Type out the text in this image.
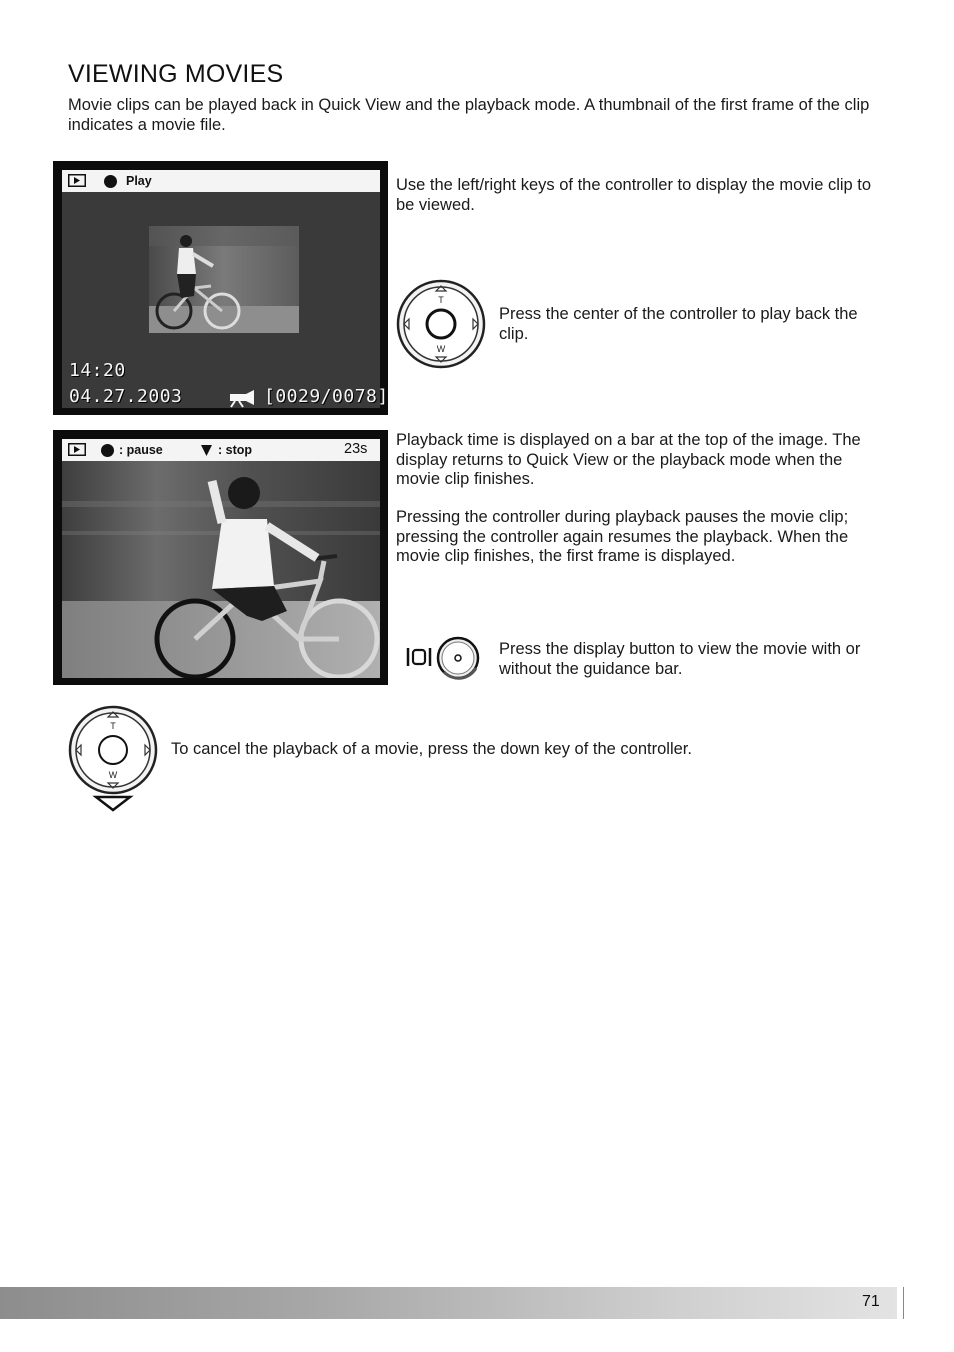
VIEWING MOVIES
Movie clips can be played back in Quick View and the playback mode. A thumbnail of the first frame of the clip indicates a movie file.
Play
14:20
04.27.2003	[0029/0078]
Use the left/right keys of the controller to display the movie clip to be viewed.
T
W
Press the center of the controller to play back the clip.
: pause	: stop	23s Playback time is displayed on a bar at the top of the image. The display returns to Quick View or the playback mode when the movie clip finishes.
Pressing the controller during playback pauses the movie clip; pressing the controller again resumes the playback. When the movie clip finishes, the first frame is displayed.
Press the display button to view the movie with or without the guidance bar.
T
W
To cancel the playback of a movie, press the down key of the controller.
71
